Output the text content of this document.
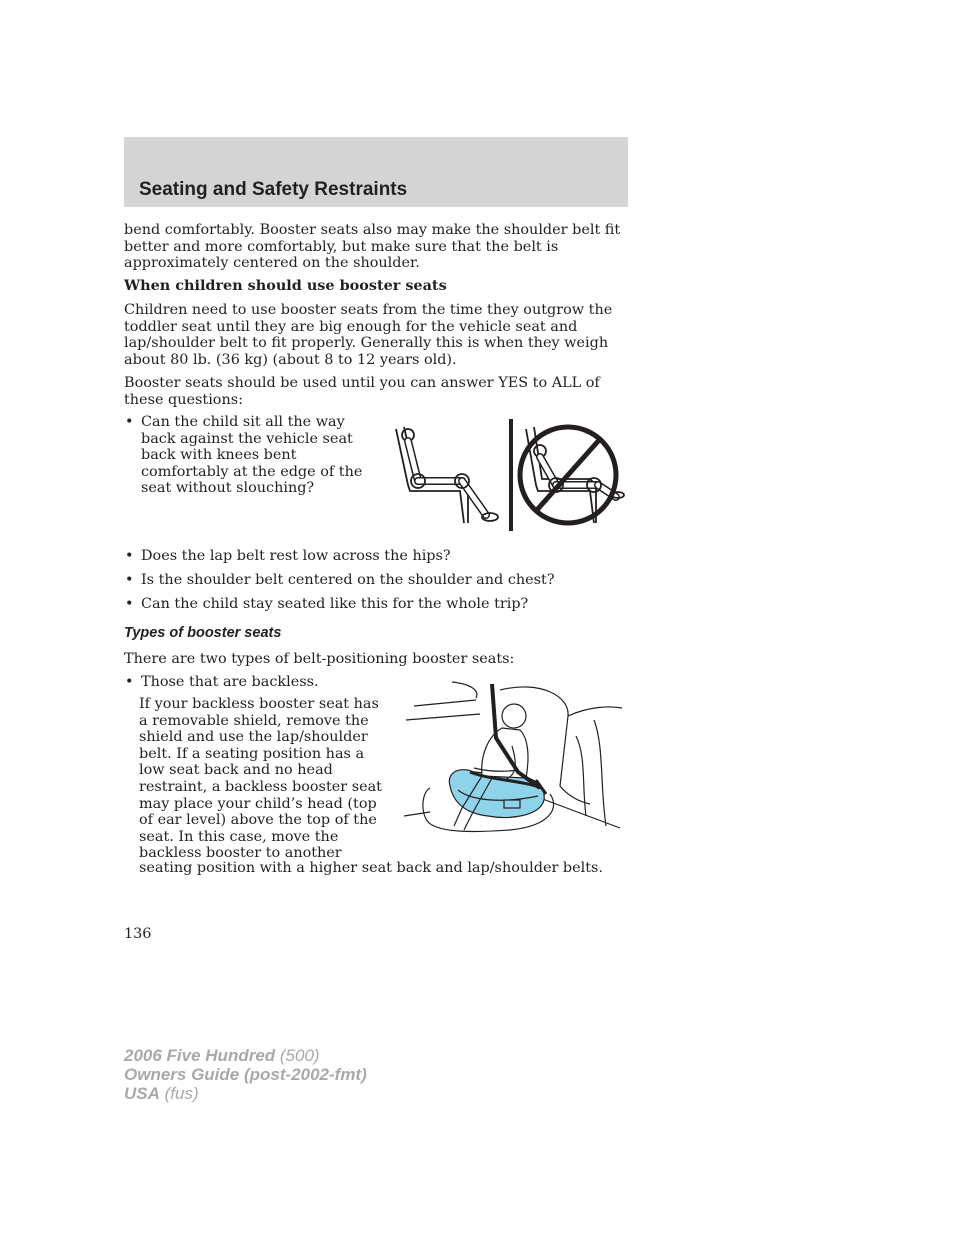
Seating and Safety Restraints

bend comfortably. Booster seats also may make the shoulder belt fit better and more comfortably, but make sure that the belt is approximately centered on the shoulder.

When children should use booster seats

Children need to use booster seats from the time they outgrow the toddler seat until they are big enough for the vehicle seat and lap/shoulder belt to fit properly. Generally this is when they weigh about 80 lb. (36 kg) (about 8 to 12 years old).

Booster seats should be used until you can answer YES to ALL of these questions:

• Can the child sit all the way back against the vehicle seat back with knees bent comfortably at the edge of the seat without slouching?

• Does the lap belt rest low across the hips?

• Is the shoulder belt centered on the shoulder and chest?

• Can the child stay seated like this for the whole trip?

Types of booster seats

There are two types of belt-positioning booster seats:

• Those that are backless.

If your backless booster seat has a removable shield, remove the shield and use the lap/shoulder belt. If a seating position has a low seat back and no head restraint, a backless booster seat may place your child’s head (top of ear level) above the top of the seat. In this case, move the backless booster to another

seating position with a higher seat back and lap/shoulder belts.

136
2006 Five Hundred (500)
Owners Guide (post-2002-fmt)
USA (fus)
